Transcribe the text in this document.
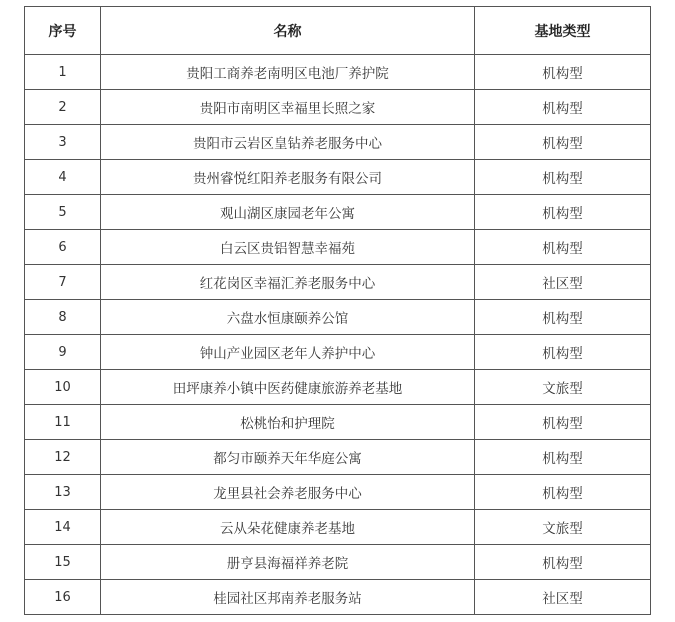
序号	名称	基地类型
1	贵阳工商养老南明区电池厂养护院	机构型
2	贵阳市南明区幸福里长照之家	机构型
3	贵阳市云岩区皇钻养老服务中心	机构型
4	贵州睿悦红阳养老服务有限公司	机构型
5	观山湖区康园老年公寓	机构型
6	白云区贵铝智慧幸福苑	机构型
7	红花岗区幸福汇养老服务中心	社区型
8	六盘水恒康颐养公馆	机构型
9	钟山产业园区老年人养护中心	机构型
10	田坪康养小镇中医药健康旅游养老基地	文旅型
11	松桃怡和护理院	机构型
12	都匀市颐养天年华庭公寓	机构型
13	龙里县社会养老服务中心	机构型
14	云从朵花健康养老基地	文旅型
15	册亨县海福祥养老院	机构型
16	桂园社区邦南养老服务站	社区型
